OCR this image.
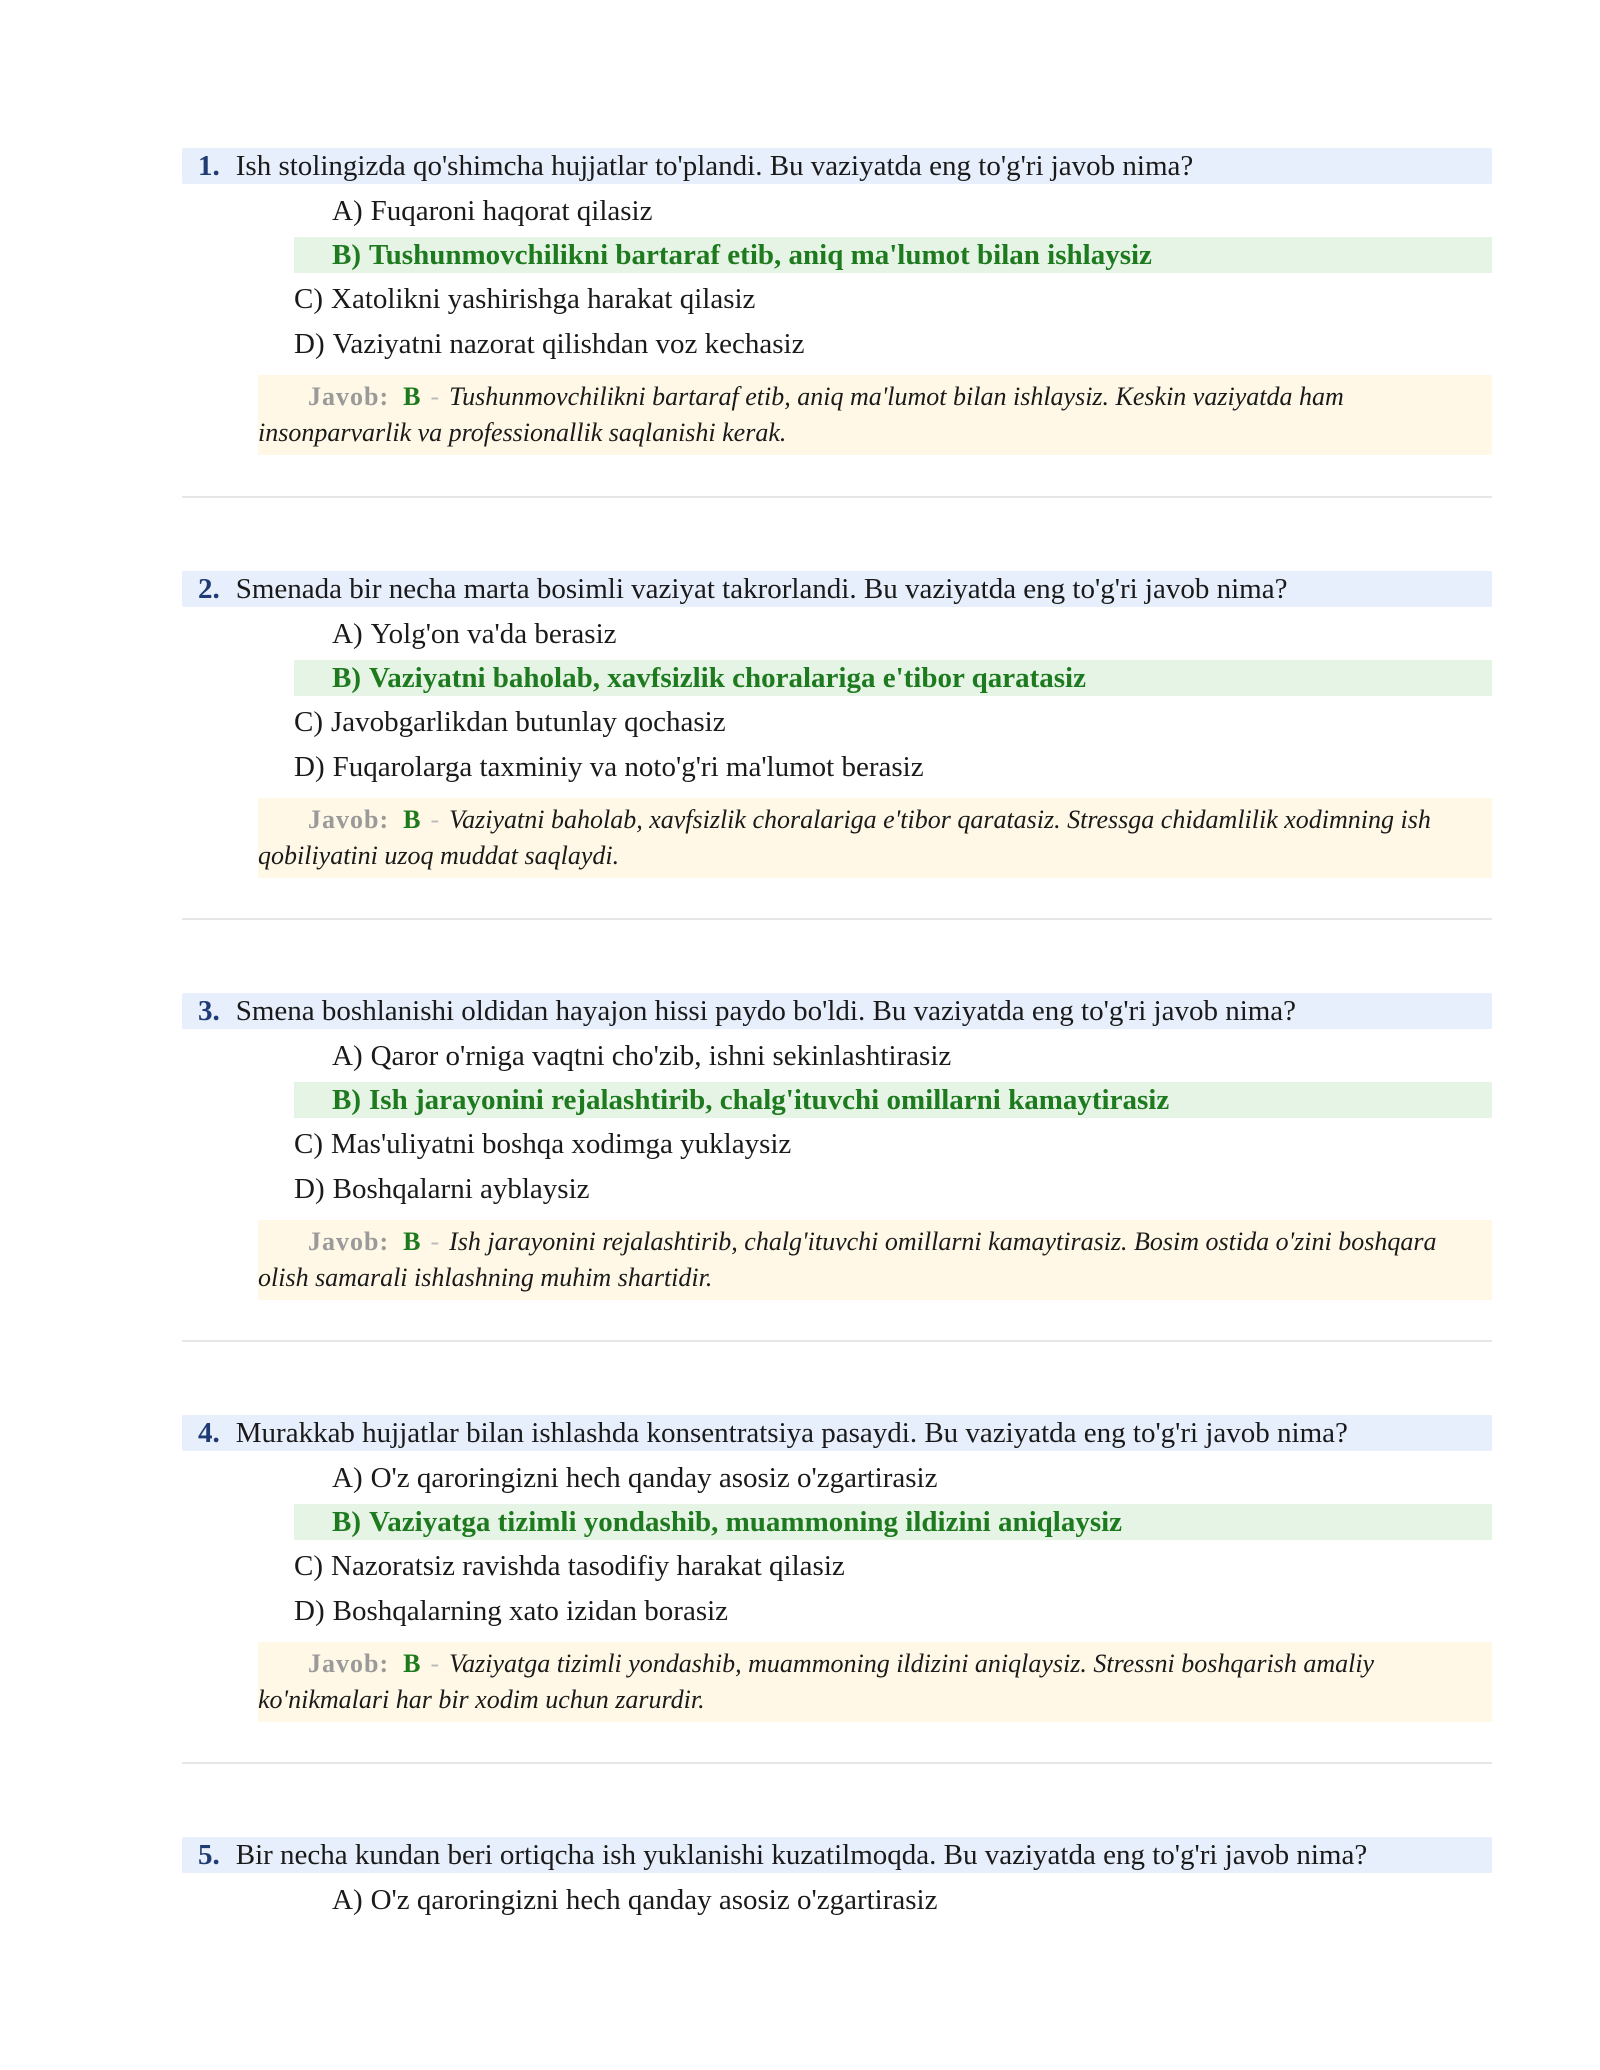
1. Ish stolingizda qo'shimcha hujjatlar to'plandi. Bu vaziyatda eng to'g'ri javob nima?
A) Fuqaroni haqorat qilasiz
B) Tushunmovchilikni bartaraf etib, aniq ma'lumot bilan ishlaysiz
C) Xatolikni yashirishga harakat qilasiz
D) Vaziyatni nazorat qilishdan voz kechasiz
Javob: B - Tushunmovchilikni bartaraf etib, aniq ma'lumot bilan ishlaysiz. Keskin vaziyatda ham insonparvarlik va professionallik saqlanishi kerak.
2. Smenada bir necha marta bosimli vaziyat takrorlandi. Bu vaziyatda eng to'g'ri javob nima?
A) Yolg'on va'da berasiz
B) Vaziyatni baholab, xavfsizlik choralariga e'tibor qaratasiz
C) Javobgarlikdan butunlay qochasiz
D) Fuqarolarga taxminiy va noto'g'ri ma'lumot berasiz
Javob: B - Vaziyatni baholab, xavfsizlik choralariga e'tibor qaratasiz. Stressga chidamlilik xodimning ish qobiliyatini uzoq muddat saqlaydi.
3. Smena boshlanishi oldidan hayajon hissi paydo bo'ldi. Bu vaziyatda eng to'g'ri javob nima?
A) Qaror o'rniga vaqtni cho'zib, ishni sekinlashtirasiz
B) Ish jarayonini rejalashtirib, chalg'ituvchi omillarni kamaytirasiz
C) Mas'uliyatni boshqa xodimga yuklaysiz
D) Boshqalarni ayblaysiz
Javob: B - Ish jarayonini rejalashtirib, chalg'ituvchi omillarni kamaytirasiz. Bosim ostida o'zini boshqara olish samarali ishlashning muhim shartidir.
4. Murakkab hujjatlar bilan ishlashda konsentratsiya pasaydi. Bu vaziyatda eng to'g'ri javob nima?
A) O'z qaroringizni hech qanday asosiz o'zgartirasiz
B) Vaziyatga tizimli yondashib, muammoning ildizini aniqlaysiz
C) Nazoratsiz ravishda tasodifiy harakat qilasiz
D) Boshqalarning xato izidan borasiz
Javob: B - Vaziyatga tizimli yondashib, muammoning ildizini aniqlaysiz. Stressni boshqarish amaliy ko'nikmalari har bir xodim uchun zarurdir.
5. Bir necha kundan beri ortiqcha ish yuklanishi kuzatilmoqda. Bu vaziyatda eng to'g'ri javob nima?
A) O'z qaroringizni hech qanday asosiz o'zgartirasiz
